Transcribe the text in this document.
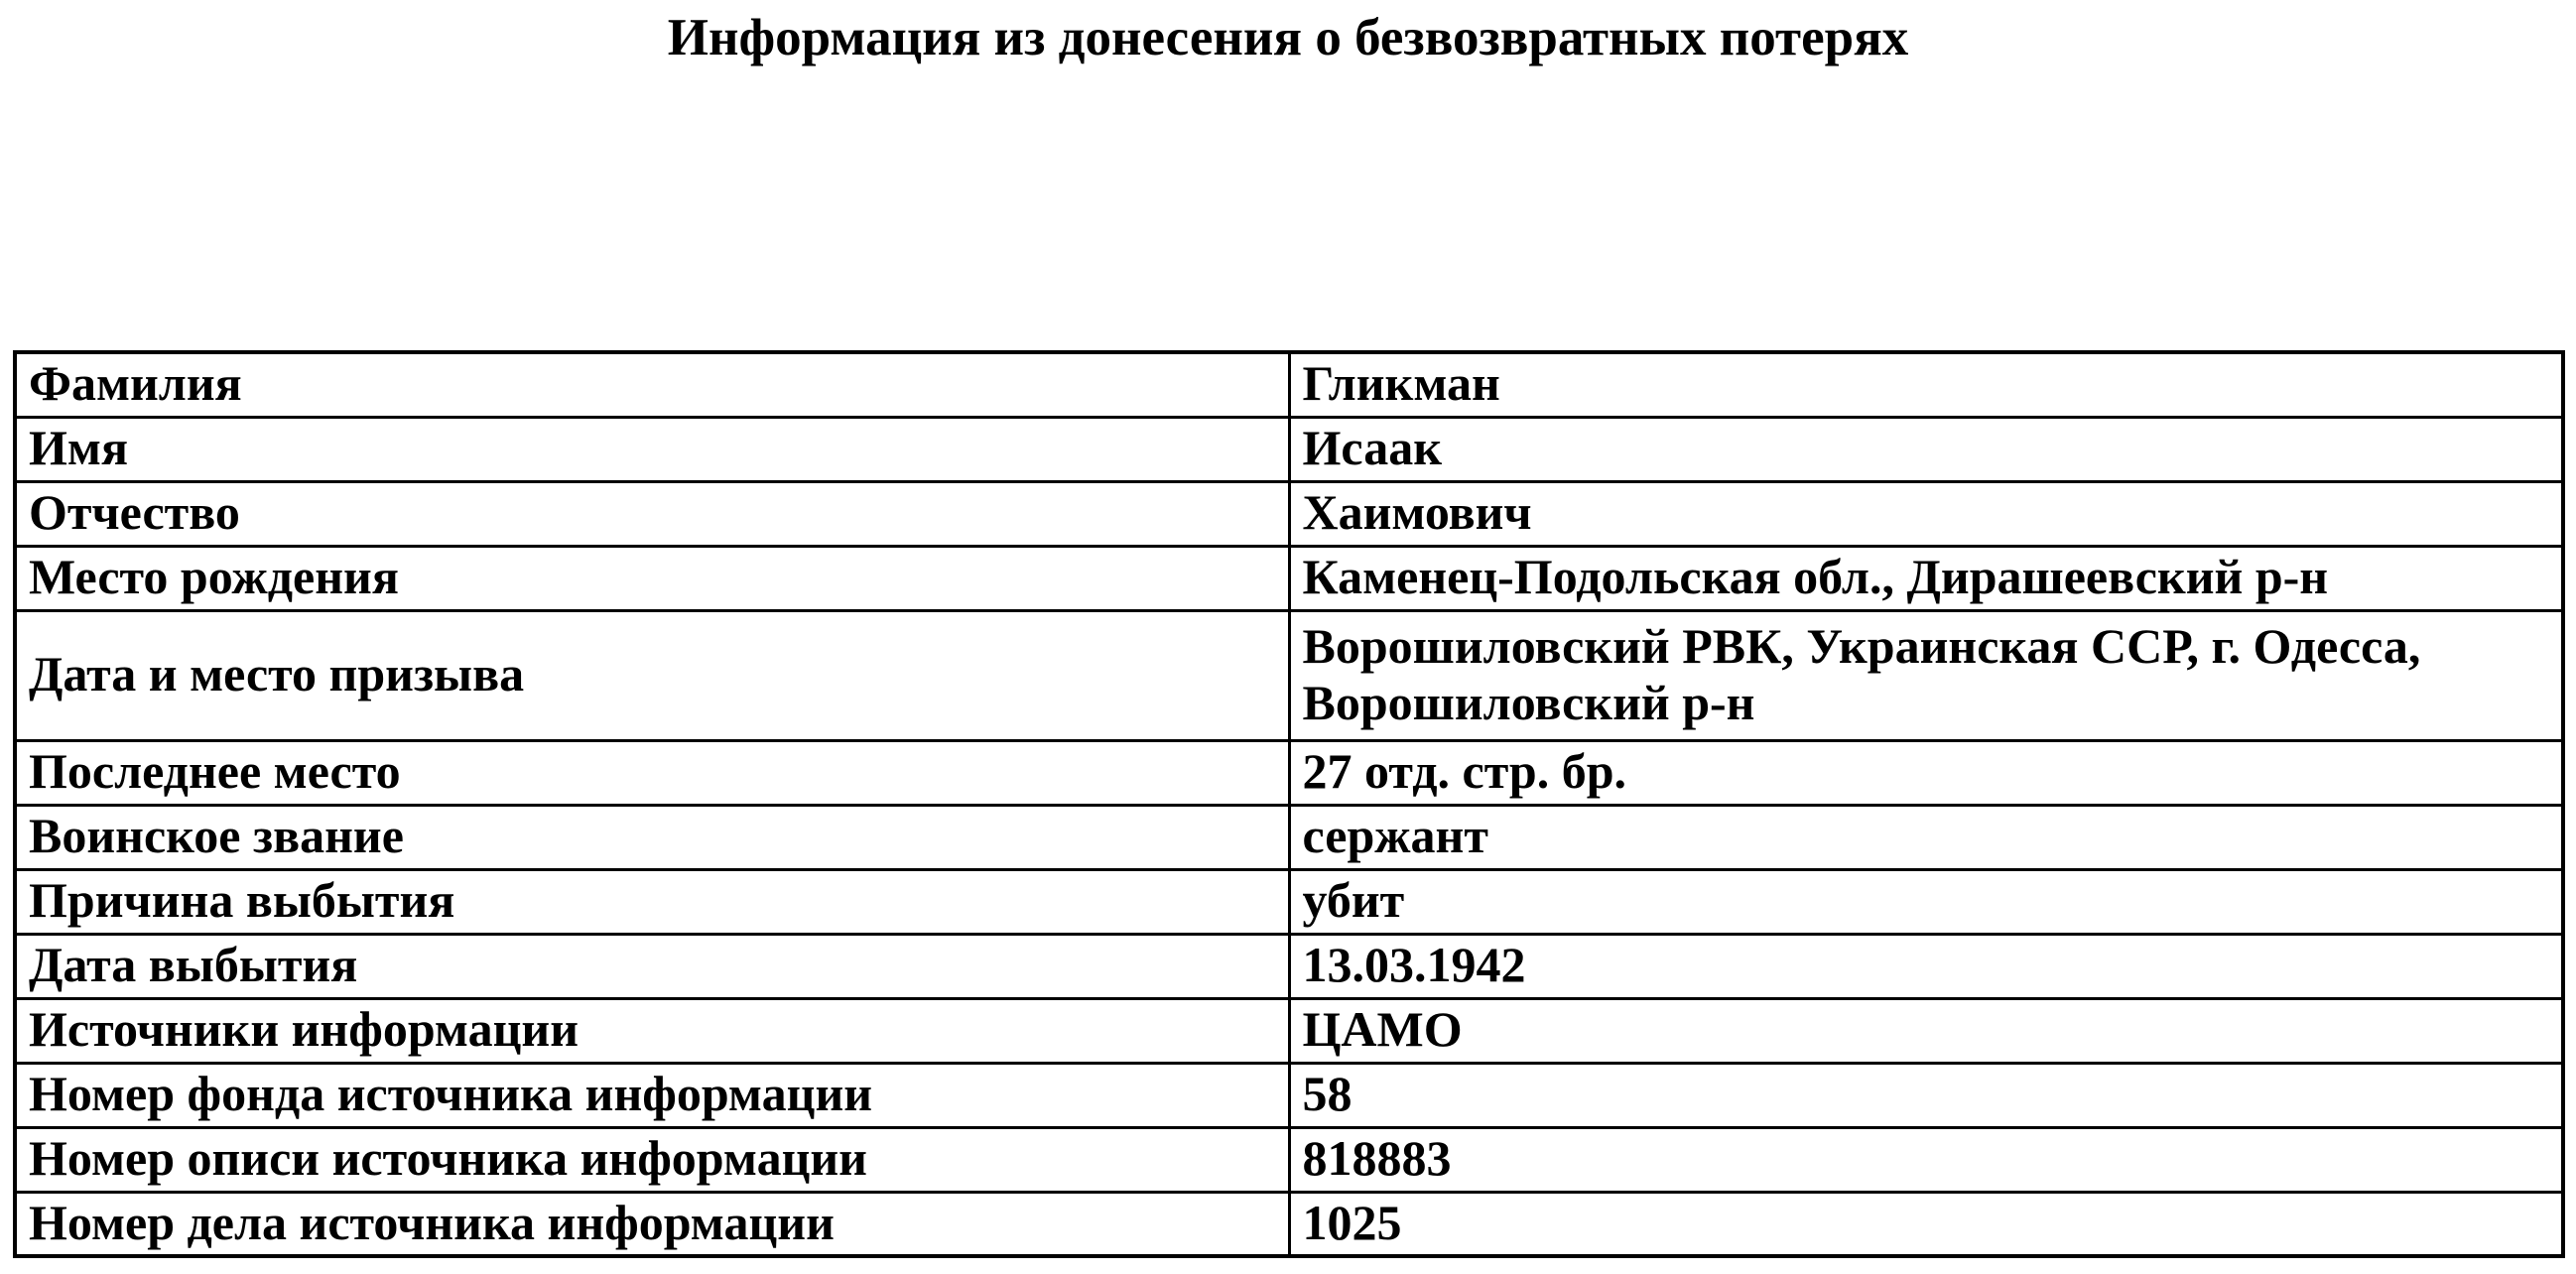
Информация из донесения о безвозвратных потерях
Фамилия	Гликман
Имя	Исаак
Отчество	Хаимович
Место рождения	Каменец-Подольская обл., Дирашеевский р-н
Дата и место призыва	Ворошиловский РВК, Украинская ССР, г. Одесса, Ворошиловский р-н
Последнее место	27 отд. стр. бр.
Воинское звание	сержант
Причина выбытия	убит
Дата выбытия	13.03.1942
Источники информации	ЦАМО
Номер фонда источника информации	58
Номер описи источника информации	818883
Номер дела источника информации	1025
